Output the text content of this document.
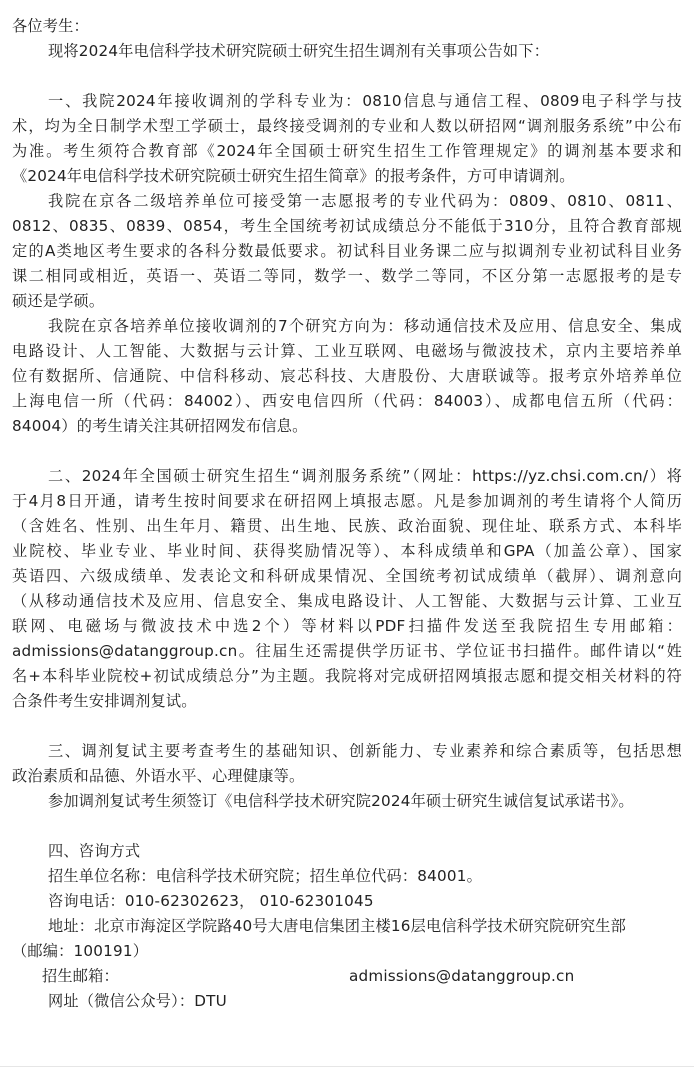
各位考生：
现将2024年电信科学技术研究院硕士研究生招生调剂有关事项公告如下：
一、我院2024年接收调剂的学科专业为：0810信息与通信工程、0809电子科学与技
术，均为全日制学术型工学硕士，最终接受调剂的专业和人数以研招网“调剂服务系统”中公布
为准。考生须符合教育部《2024年全国硕士研究生招生工作管理规定》的调剂基本要求和
《2024年电信科学技术研究院硕士研究生招生简章》的报考条件，方可申请调剂。
我院在京各二级培养单位可接受第一志愿报考的专业代码为：0809、0810、0811、
0812、0835、0839、0854，考生全国统考初试成绩总分不能低于310分，且符合教育部规
定的A类地区考生要求的各科分数最低要求。初试科目业务课二应与拟调剂专业初试科目业务
课二相同或相近，英语一、英语二等同，数学一、数学二等同，不区分第一志愿报考的是专
硕还是学硕。
我院在京各培养单位接收调剂的7个研究方向为：移动通信技术及应用、信息安全、集成
电路设计、人工智能、大数据与云计算、工业互联网、电磁场与微波技术，京内主要培养单
位有数据所、信通院、中信科移动、宸芯科技、大唐股份、大唐联诚等。报考京外培养单位
上海电信一所（代码：84002）、西安电信四所（代码：84003）、成都电信五所（代码：
84004）的考生请关注其研招网发布信息。
二、2024年全国硕士研究生招生“调剂服务系统”（网址：https://yz.chsi.com.cn/）将
于4月8日开通，请考生按时间要求在研招网上填报志愿。凡是参加调剂的考生请将个人简历
（含姓名、性别、出生年月、籍贯、出生地、民族、政治面貌、现住址、联系方式、本科毕
业院校、毕业专业、毕业时间、获得奖励情况等）、本科成绩单和GPA（加盖公章）、国家
英语四、六级成绩单、发表论文和科研成果情况、全国统考初试成绩单（截屏）、调剂意向
（从移动通信技术及应用、信息安全、集成电路设计、人工智能、大数据与云计算、工业互
联网、电磁场与微波技术中选2个）等材料以PDF扫描件发送至我院招生专用邮箱：
admissions@datanggroup.cn。往届生还需提供学历证书、学位证书扫描件。邮件请以“姓
名+本科毕业院校+初试成绩总分”为主题。我院将对完成研招网填报志愿和提交相关材料的符
合条件考生安排调剂复试。
三、调剂复试主要考查考生的基础知识、创新能力、专业素养和综合素质等，包括思想
政治素质和品德、外语水平、心理健康等。
参加调剂复试考生须签订《电信科学技术研究院2024年硕士研究生诚信复试承诺书》。
四、咨询方式
招生单位名称：电信科学技术研究院；招生单位代码：84001。
咨询电话：010-62302623， 010-62301045
地址：北京市海淀区学院路40号大唐电信集团主楼16层电信科学技术研究院研究生部
（邮编：100191）
招生邮箱：	admissions@datanggroup.cn
网址（微信公众号）：DTU
